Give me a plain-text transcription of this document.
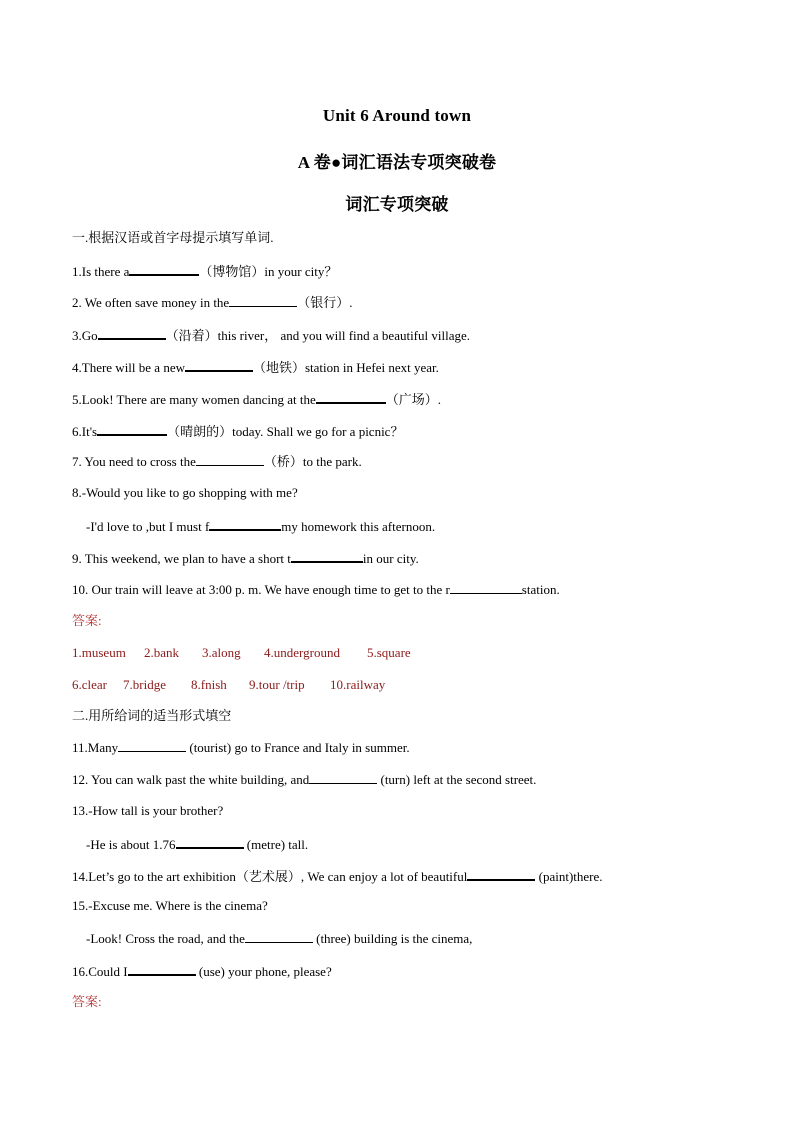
Unit 6 Around town
A 卷●词汇语法专项突破卷
词汇专项突破
一.根据汉语或首字母提示填写单词.
1.Is there a	（博物馆）in your city？
2. We often save money in the	（银行）.
3.Go	（沿着）this river， and you will find a beautiful village.
4.There will be a new	（地铁）station in Hefei next year.
5.Look! There are many women dancing at the	（广场）.
6.It's	（晴朗的）today. Shall we go for a picnic？
7. You need to cross the	（桥）to the park.
8.-Would you like to go shopping with me?
-I'd love to ,but I must f	my homework this afternoon.
9. This weekend, we plan to have a short t	in our city.
10. Our train will leave at 3:00 p. m. We have enough time to get to the r	station.
答案:
1.museum 2.bank 3.along 4.underground 5.square
6.clear 7.bridge 8.fnish 9.tour /trip 10.railway
二.用所给词的适当形式填空
11.Many	(tourist) go to France and Italy in summer.
12. You can walk past the white building, and	(turn) left at the second street.
13.-How tall is your brother?
-He is about 1.76	(metre) tall.
14.Let’s go to the art exhibition（艺术展）, We can enjoy a lot of beautiful	(paint)there.
15.-Excuse me. Where is the cinema?
-Look! Cross the road, and the	(three) building is the cinema,
16.Could I	(use) your phone, please?
答案:
